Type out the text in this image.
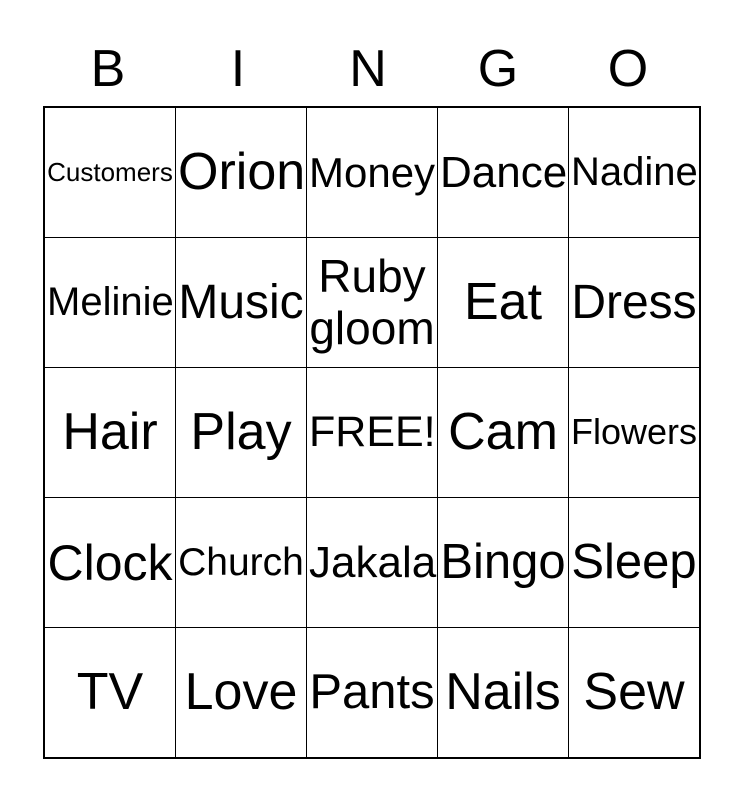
B	I	N	G	O
Customers	Orion	Money	Dance	Nadine

Melinie	Music	Ruby gloom	Eat	Dress

Hair	Play	FREE!	Cam	Flowers

Clock	Church	Jakala	Bingo	Sleep

TV	Love	Pants	Nails	Sew
